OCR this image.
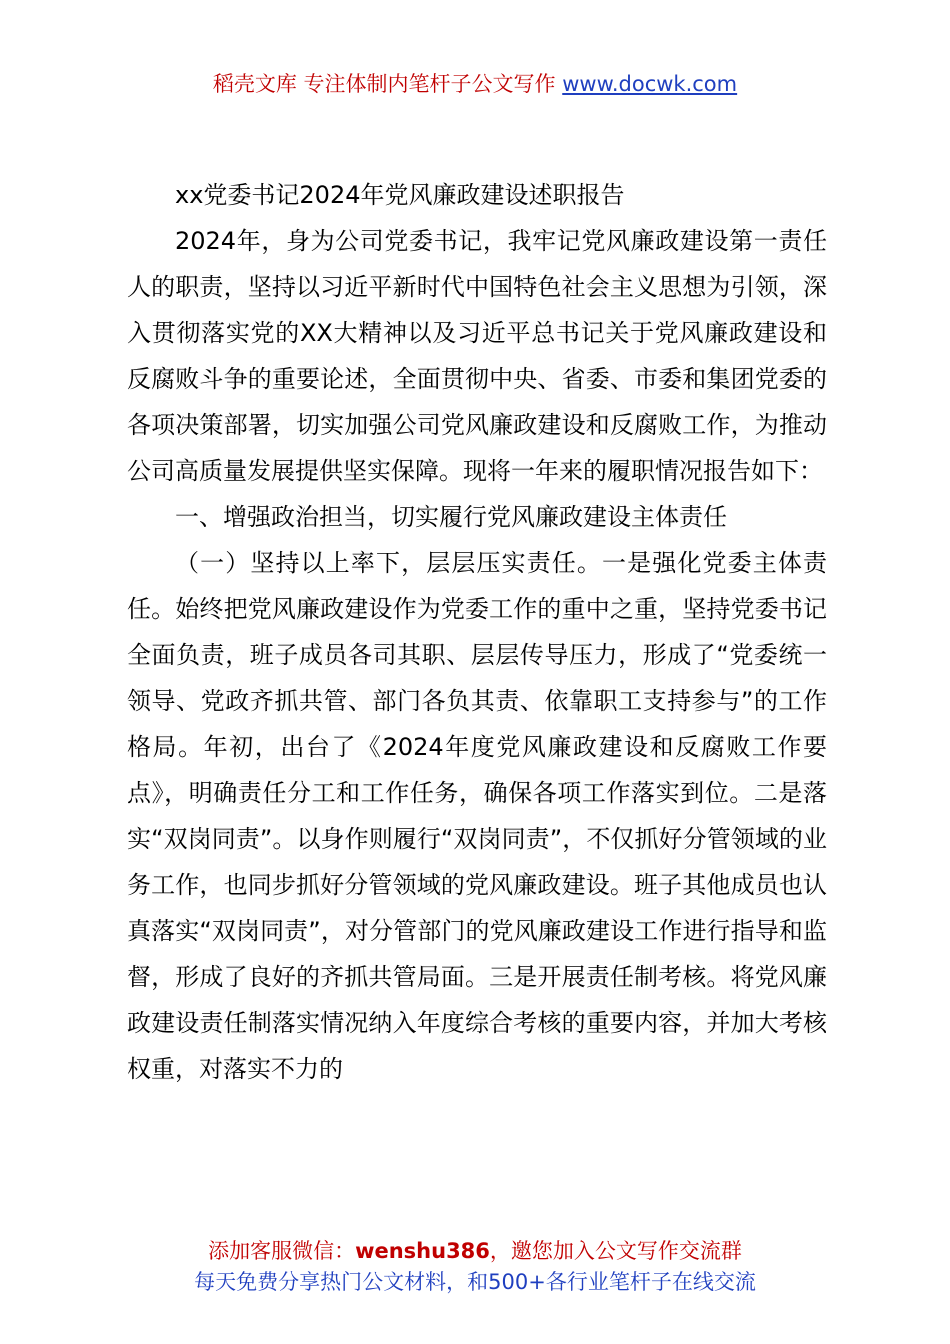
稻壳文库 专注体制内笔杆子公文写作 www.docwk.com

xx党委书记2024年党风廉政建设述职报告

2024年，身为公司党委书记，我牢记党风廉政建设第一责任人的职责，坚持以习近平新时代中国特色社会主义思想为引领，深入贯彻落实党的XX大精神以及习近平总书记关于党风廉政建设和反腐败斗争的重要论述，全面贯彻中央、省委、市委和集团党委的各项决策部署，切实加强公司党风廉政建设和反腐败工作，为推动公司高质量发展提供坚实保障。现将一年来的履职情况报告如下：

一、增强政治担当，切实履行党风廉政建设主体责任

（一）坚持以上率下，层层压实责任。一是强化党委主体责任。始终把党风廉政建设作为党委工作的重中之重，坚持党委书记全面负责，班子成员各司其职、层层传导压力，形成了“党委统一领导、党政齐抓共管、部门各负其责、依靠职工支持参与”的工作格局。年初，出台了《2024年度党风廉政建设和反腐败工作要点》，明确责任分工和工作任务，确保各项工作落实到位。二是落实“双岗同责”。以身作则履行“双岗同责”，不仅抓好分管领域的业务工作，也同步抓好分管领域的党风廉政建设。班子其他成员也认真落实“双岗同责”，对分管部门的党风廉政建设工作进行指导和监督，形成了良好的齐抓共管局面。三是开展责任制考核。将党风廉政建设责任制落实情况纳入年度综合考核的重要内容，并加大考核权重，对落实不力的

添加客服微信：wenshu386，邀您加入公文写作交流群
每天免费分享热门公文材料，和500+各行业笔杆子在线交流
